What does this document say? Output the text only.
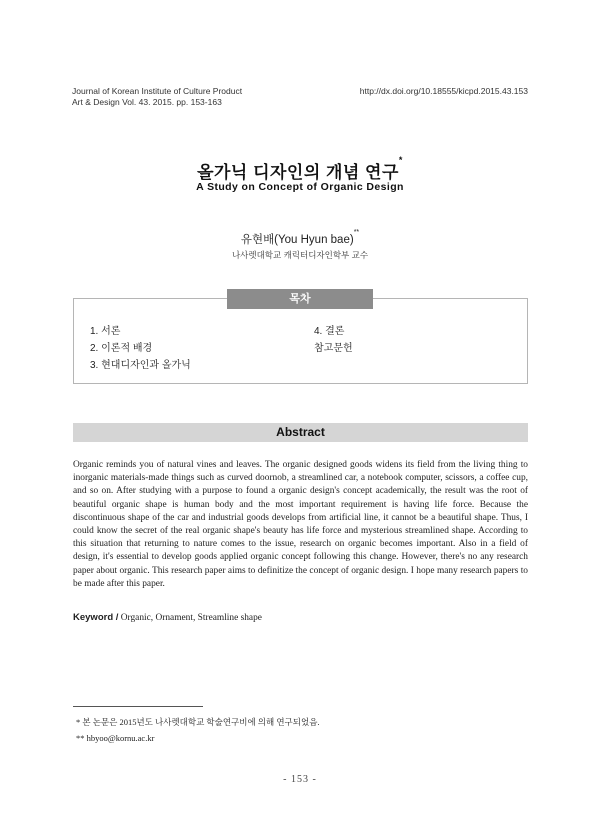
Journal of Korean Institute of Culture Product
Art & Design Vol. 43. 2015. pp. 153-163
http://dx.doi.org/10.18555/kicpd.2015.43.153
올가닉 디자인의 개념 연구*
A Study on Concept of Organic Design
유현배(You Hyun bae)**
나사렛대학교 캐릭터디자인학부 교수
목차
1. 서론
2. 이론적 배경
3. 현대디자인과 올가닉
4. 결론
참고문헌
Abstract
Organic reminds you of natural vines and leaves. The organic designed goods widens its field from the living thing to inorganic materials-made things such as curved doornob, a streamlined car, a notebook computer, scissors, a coffee cup, and so on. After studying with a purpose to found a organic design's concept academically, the result was the root of beautiful organic shape is human body and the most important requirement is having life force. Because the discontinuous shape of the car and industrial goods develops from artificial line, it cannot be a beautiful shape. Thus, I could know the secret of the real organic shape's beauty has life force and mysterious streamlined shape. According to this situation that returning to nature comes to the issue, research on organic becomes important. Also in a field of design, it's essential to develop goods applied organic concept following this change. However, there's no any research paper about organic. This research paper aims to definitize the concept of organic design. I hope many research papers to be made after this paper.
Keyword / Organic, Ornament, Streamline shape
* 본 논문은 2015년도 나사렛대학교 학술연구비에 의해 연구되었음.
** hbyoo@kornu.ac.kr
- 153 -
